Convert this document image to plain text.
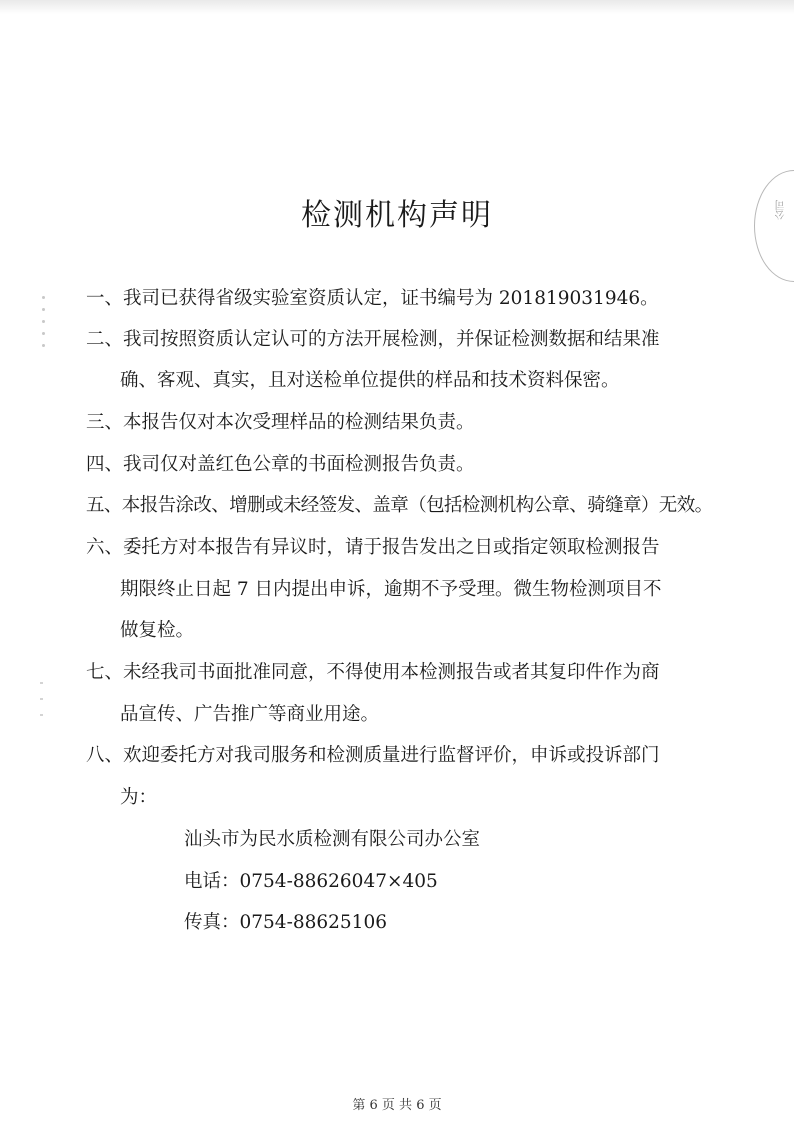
公司
检测机构声明
一、我司已获得省级实验室资质认定，证书编号为 201819031946。
二、我司按照资质认定认可的方法开展检测，并保证检测数据和结果准
确、客观、真实，且对送检单位提供的样品和技术资料保密。
三、本报告仅对本次受理样品的检测结果负责。
四、我司仅对盖红色公章的书面检测报告负责。
五、本报告涂改、增删或未经签发、盖章（包括检测机构公章、骑缝章）无效。
六、委托方对本报告有异议时，请于报告发出之日或指定领取检测报告
期限终止日起 7 日内提出申诉，逾期不予受理。微生物检测项目不
做复检。
七、未经我司书面批准同意，不得使用本检测报告或者其复印件作为商
品宣传、广告推广等商业用途。
八、欢迎委托方对我司服务和检测质量进行监督评价，申诉或投诉部门
为：
汕头市为民水质检测有限公司办公室
电话：0754-88626047×405
传真：0754-88625106
第 6 页 共 6 页
